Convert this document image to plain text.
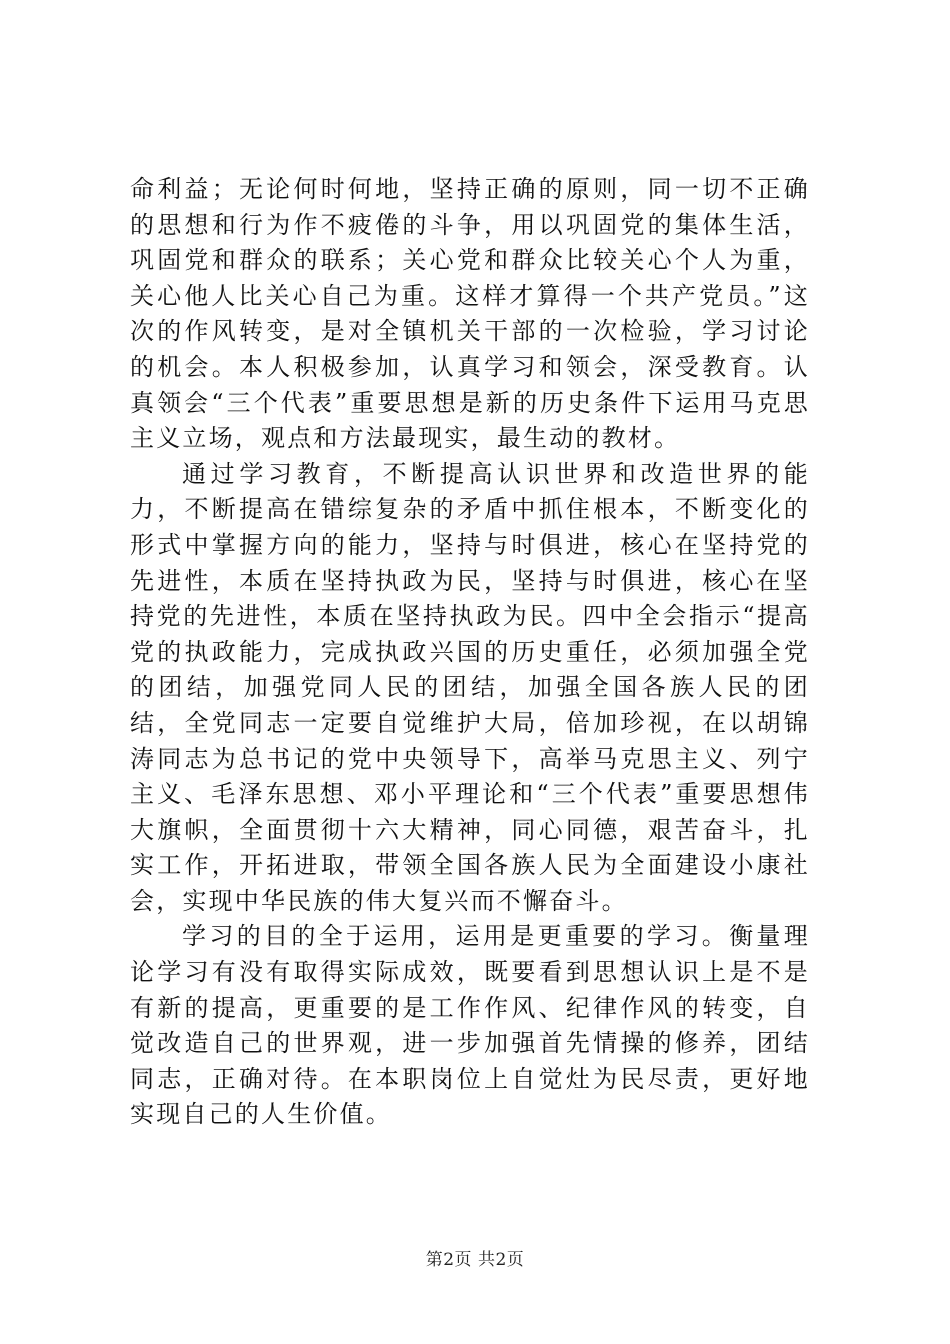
命利益；无论何时何地，坚持正确的原则，同一切不正确的思想和行为作不疲倦的斗争，用以巩固党的集体生活，巩固党和群众的联系；关心党和群众比较关心个人为重，关心他人比关心自己为重。这样才算得一个共产党员。”这次的作风转变，是对全镇机关干部的一次检验，学习讨论的机会。本人积极参加，认真学习和领会，深受教育。认真领会“三个代表”重要思想是新的历史条件下运用马克思主义立场，观点和方法最现实，最生动的教材。

通过学习教育，不断提高认识世界和改造世界的能力，不断提高在错综复杂的矛盾中抓住根本，不断变化的形式中掌握方向的能力，坚持与时俱进，核心在坚持党的先进性，本质在坚持执政为民，坚持与时俱进，核心在坚持党的先进性，本质在坚持执政为民。四中全会指示“提高党的执政能力，完成执政兴国的历史重任，必须加强全党的团结，加强党同人民的团结，加强全国各族人民的团结，全党同志一定要自觉维护大局，倍加珍视，在以胡锦涛同志为总书记的党中央领导下，高举马克思主义、列宁主义、毛泽东思想、邓小平理论和“三个代表”重要思想伟大旗帜，全面贯彻十六大精神，同心同德，艰苦奋斗，扎实工作，开拓进取，带领全国各族人民为全面建设小康社会，实现中华民族的伟大复兴而不懈奋斗。

学习的目的全于运用，运用是更重要的学习。衡量理论学习有没有取得实际成效，既要看到思想认识上是不是有新的提高，更重要的是工作作风、纪律作风的转变，自觉改造自己的世界观，进一步加强首先情操的修养，团结同志，正确对待。在本职岗位上自觉灶为民尽责，更好地实现自己的人生价值。

第2页 共2页
